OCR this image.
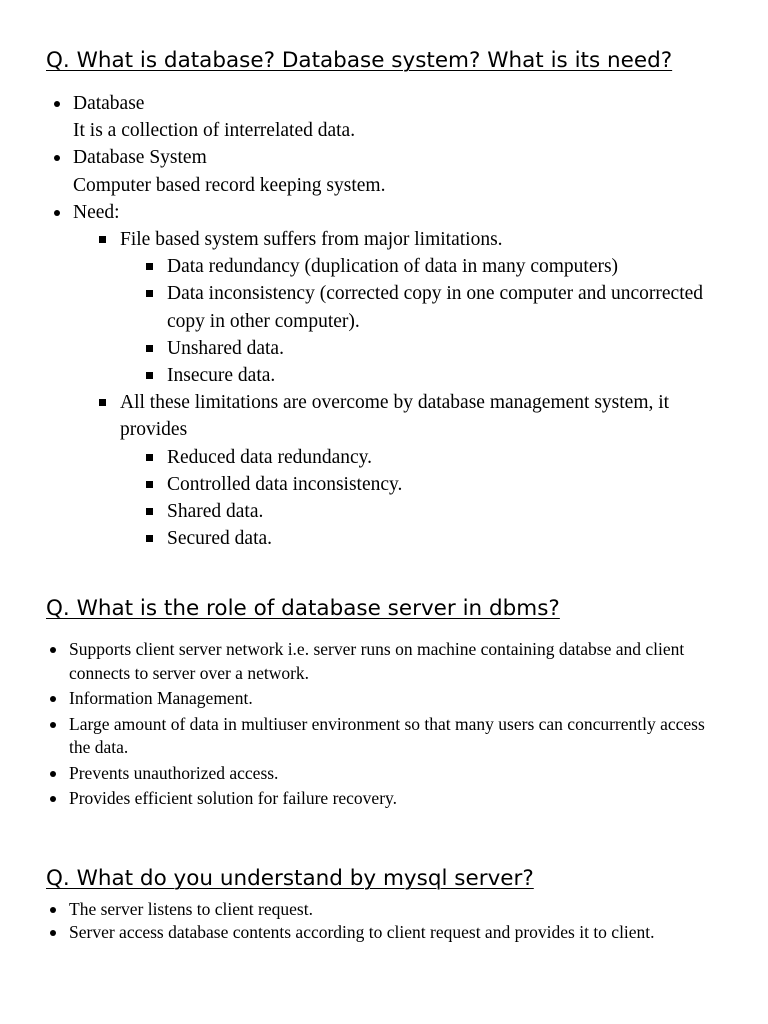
Q. What is database? Database system? What is its need?
Database
It is a collection of interrelated data.
Database System
Computer based record keeping system.
Need:
File based system suffers from major limitations.
Data redundancy (duplication of data in many computers)
Data inconsistency (corrected copy in one computer and uncorrected copy in other computer).
Unshared data.
Insecure data.
All these limitations are overcome by database management system, it provides
Reduced data redundancy.
Controlled data inconsistency.
Shared data.
Secured data.
Q. What is the role of database server in dbms?
Supports client server network i.e. server runs on machine containing databse and client connects to server over a network.
Information Management.
Large amount of data in multiuser environment so that many users can concurrently access the data.
Prevents unauthorized access.
Provides efficient solution for failure recovery.
Q. What do you understand by mysql server?
The server listens to client request.
Server access database contents according to client request and provides it to client.
